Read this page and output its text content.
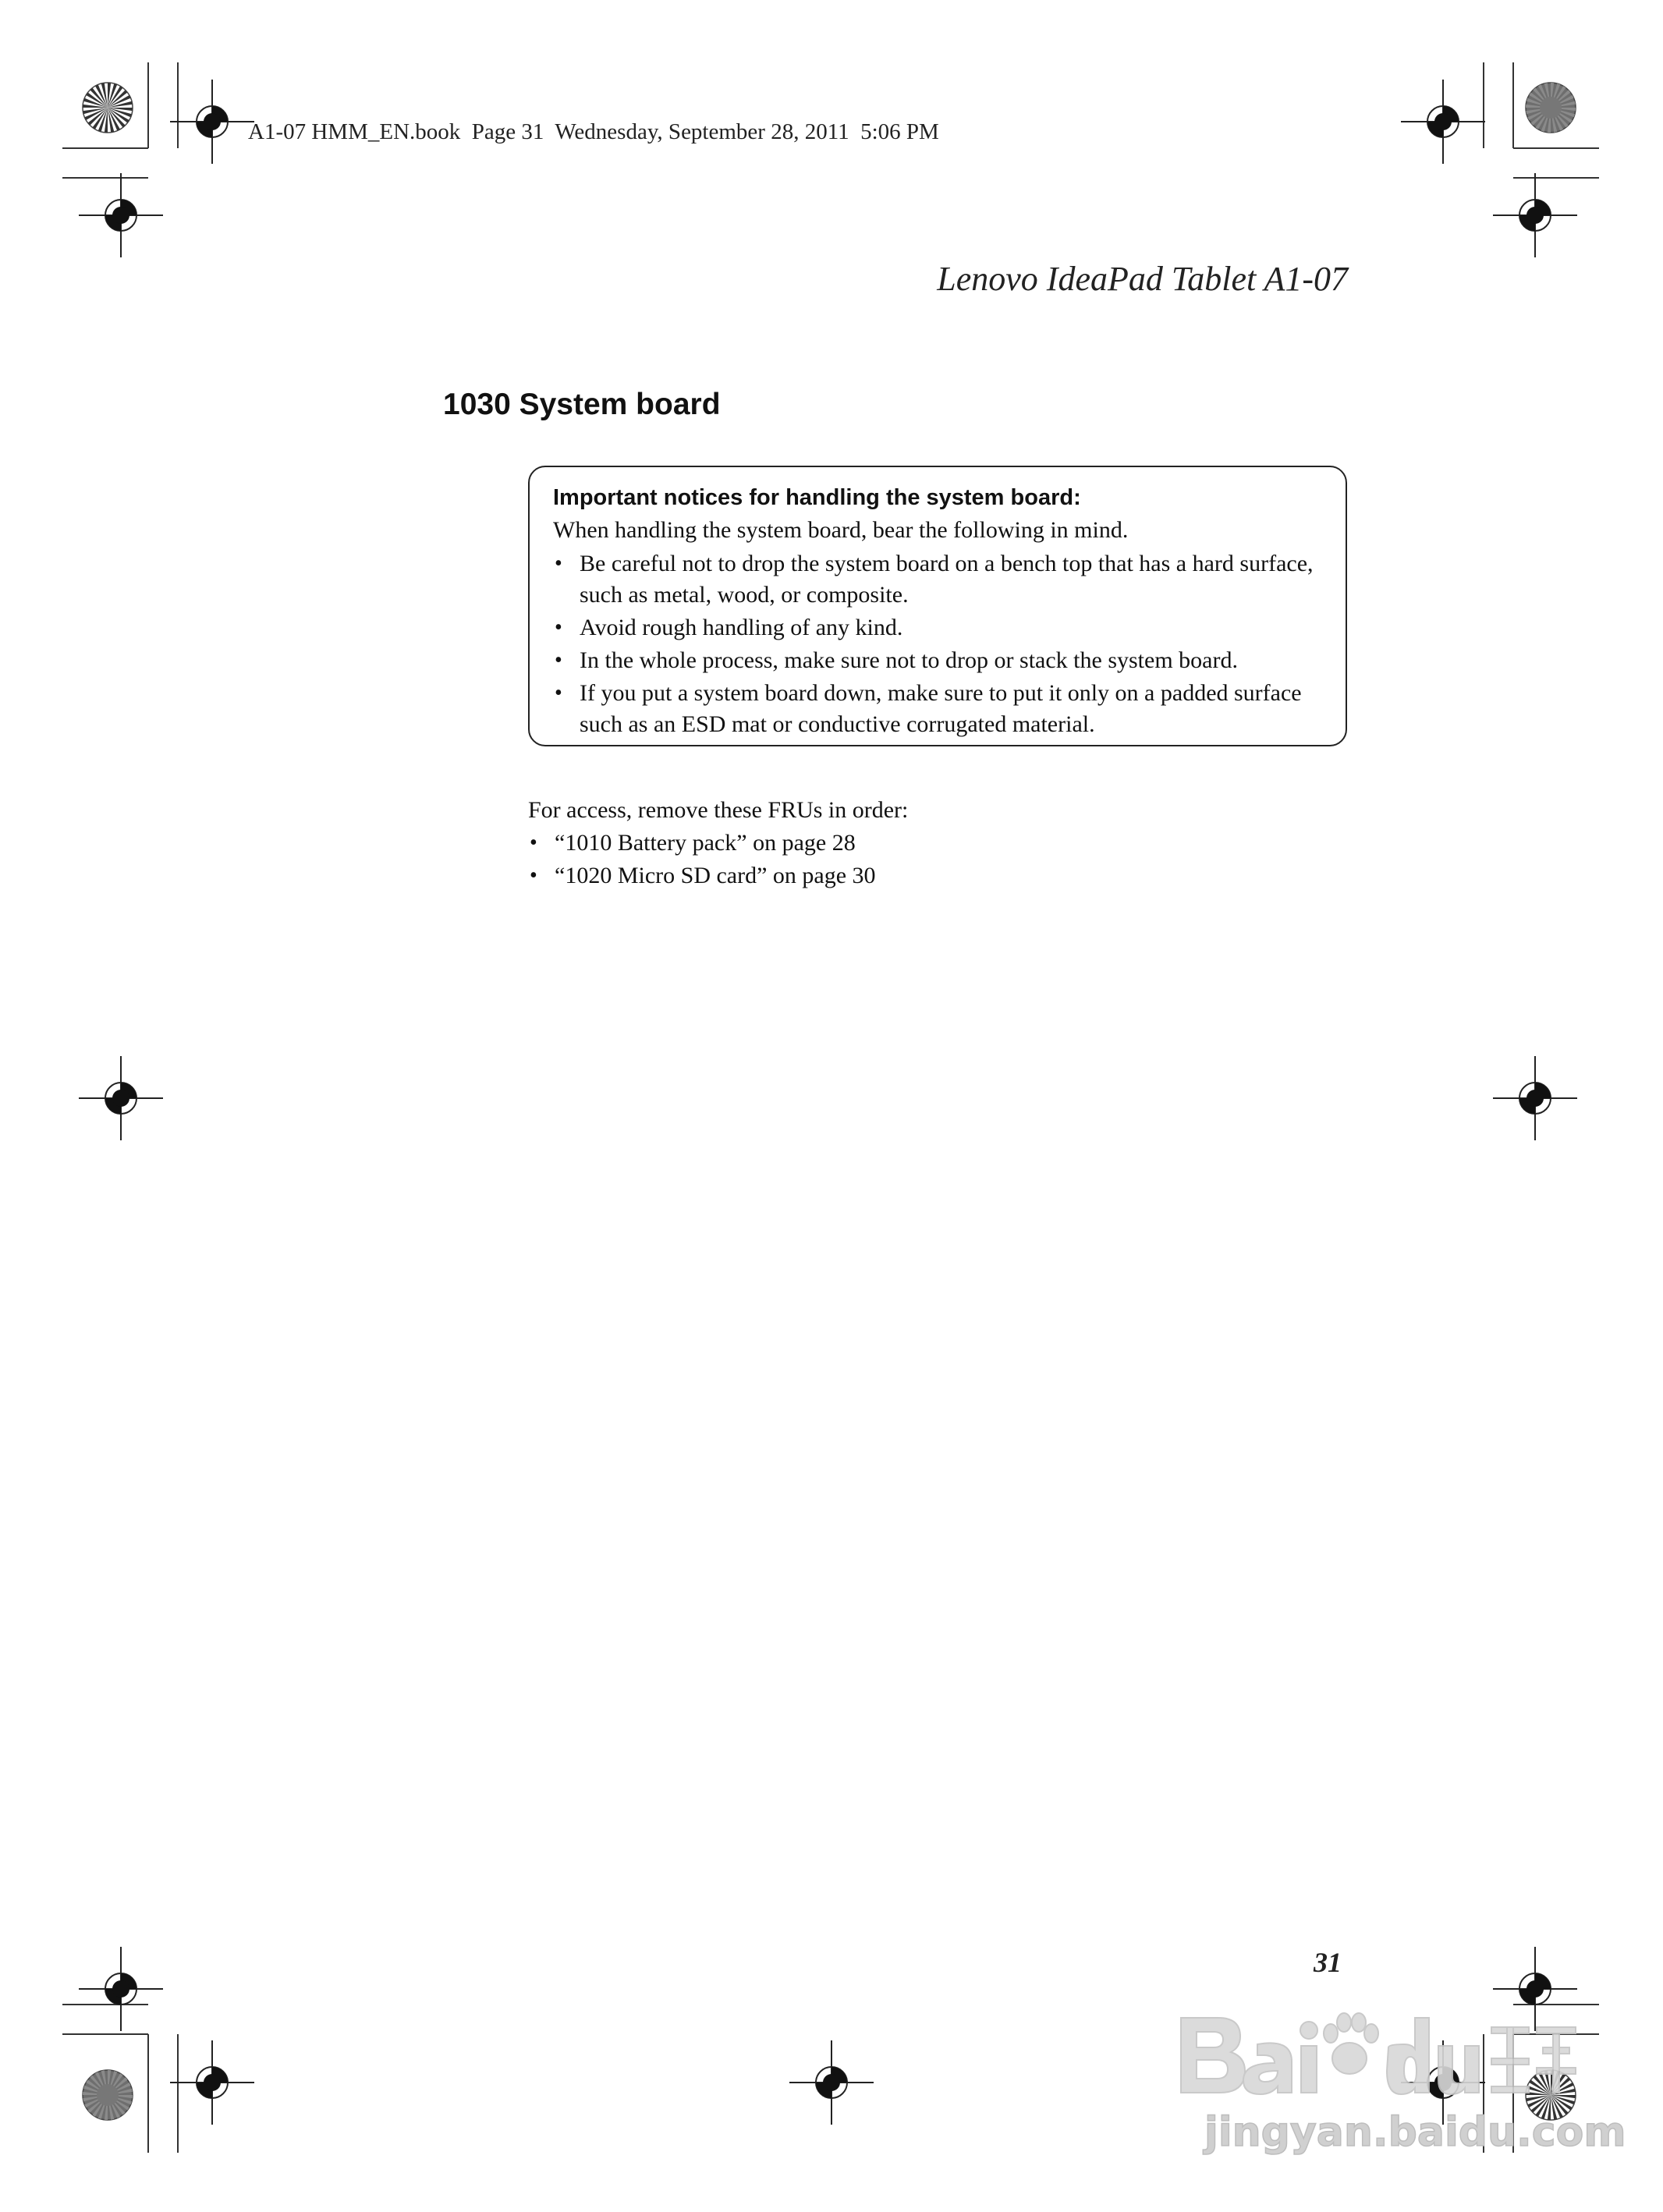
A1-07 HMM_EN.book  Page 31  Wednesday, September 28, 2011  5:06 PM
Lenovo IdeaPad Tablet A1-07
1030 System board
Important notices for handling the system board:
When handling the system board, bear the following in mind.
• Be careful not to drop the system board on a bench top that has a hard surface, such as metal, wood, or composite.
• Avoid rough handling of any kind.
• In the whole process, make sure not to drop or stack the system board.
• If you put a system board down, make sure to put it only on a padded surface such as an ESD mat or conductive corrugated material.
For access, remove these FRUs in order:
• “1010 Battery pack” on page 28
• “1020 Micro SD card” on page 30
31
jingyan.baidu.com
